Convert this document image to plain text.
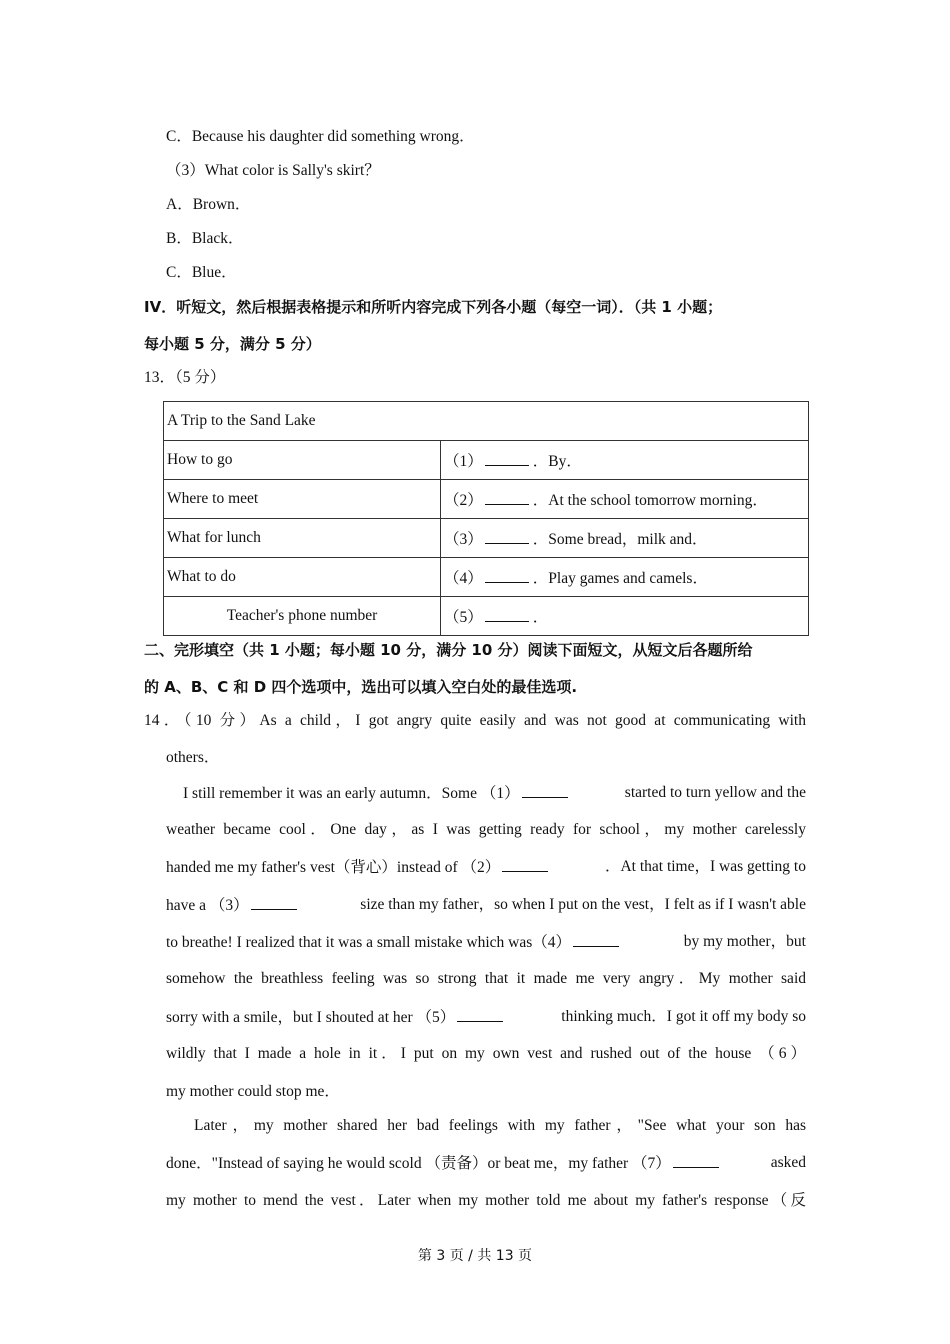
C．Because his daughter did something wrong．
（3）What color is Sally's skirt？
A．Brown．
B．Black．
C．Blue．
IV．听短文，然后根据表格提示和所听内容完成下列各小题（每空一词）．（共 1 小题；
每小题 5 分，满分 5 分）
13．（5 分）
A Trip to the Sand Lake	
How to go	（1） ．By．
Where to meet	（2） ．At the school tomorrow morning．
What for lunch	（3） ．Some bread，milk and．
What to do	（4） ．Play games and camels．
Teacher's phone number	（5） ．
二、完形填空（共 1 小题；每小题 10 分，满分 10 分）阅读下面短文，从短文后各题所给
的 A、B、C 和 D 四个选项中，选出可以填入空白处的最佳选项.
14．（10 分）As a child，I got angry quite easily and was not good at communicating with
others．
I still remember it was an early autumn．Some （1）	started to turn yellow and the
weather became cool．One day，as I was getting ready for school，my mother carelessly
handed me my father's vest（背心）instead of （2）	．At that time，I was getting to
have a （3）	size than my father，so when I put on the vest，I felt as if I wasn't able
to breathe! I realized that it was a small mistake which was（4）	by my mother，but
somehow the breathless feeling was so strong that it made me very angry．My mother said
sorry with a smile，but I shouted at her （5）	thinking much．I got it off my body so
wildly that I made a hole in it．I put on my own vest and rushed out of the house （6）
my mother could stop me．
Later，my mother shared her bad feelings with my father，"See what your son has
done．"Instead of saying he would scold （责备）or beat me，my father （7）	asked
my mother to mend the vest．Later when my mother told me about my father's response（反
第 3 页 / 共 13 页
